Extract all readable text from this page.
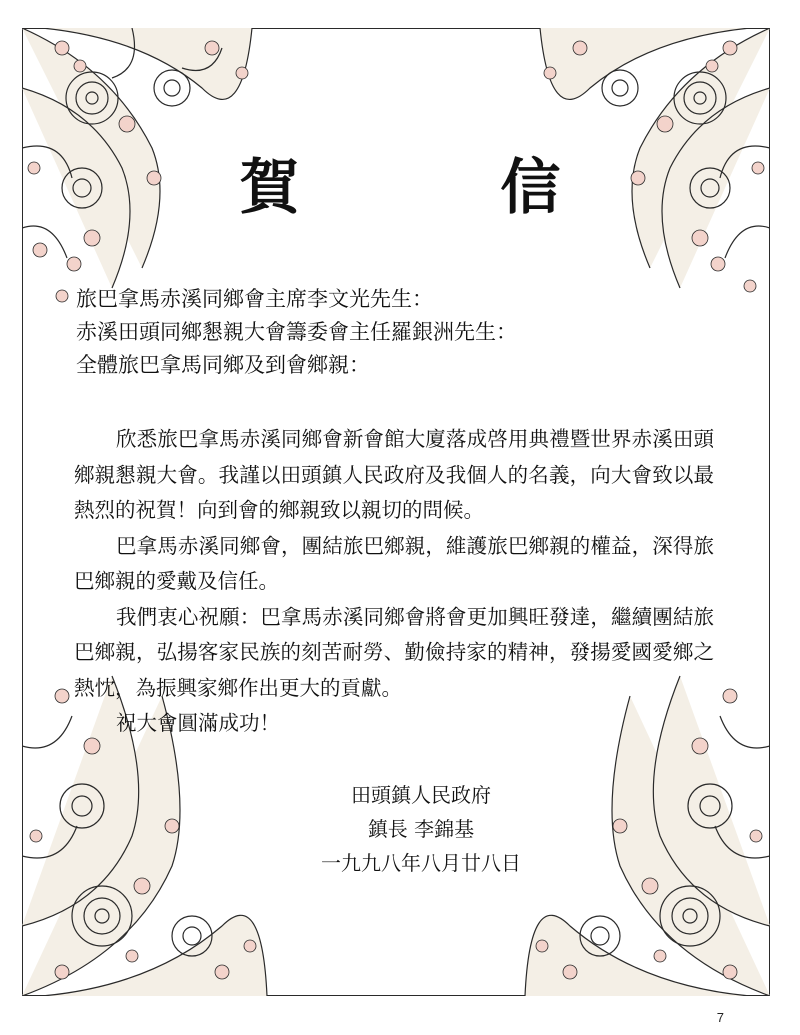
賀 信
旅巴拿馬赤溪同鄉會主席李文光先生：
赤溪田頭同鄉懇親大會籌委會主任羅銀洲先生：
全體旅巴拿馬同鄉及到會鄉親：
欣悉旅巴拿馬赤溪同鄉會新會館大廈落成啓用典禮暨世界赤溪田頭鄉親懇親大會。我謹以田頭鎮人民政府及我個人的名義，向大會致以最熱烈的祝賀！向到會的鄉親致以親切的問候。
巴拿馬赤溪同鄉會，團結旅巴鄉親，維護旅巴鄉親的權益，深得旅巴鄉親的愛戴及信任。
我們衷心祝願：巴拿馬赤溪同鄉會將會更加興旺發達，繼續團結旅巴鄉親，弘揚客家民族的刻苦耐勞、勤儉持家的精神，發揚愛國愛鄉之熱忱，為振興家鄉作出更大的貢獻。
祝大會圓滿成功！
田頭鎮人民政府
鎮長 李錦基
一九九八年八月廿八日
7
